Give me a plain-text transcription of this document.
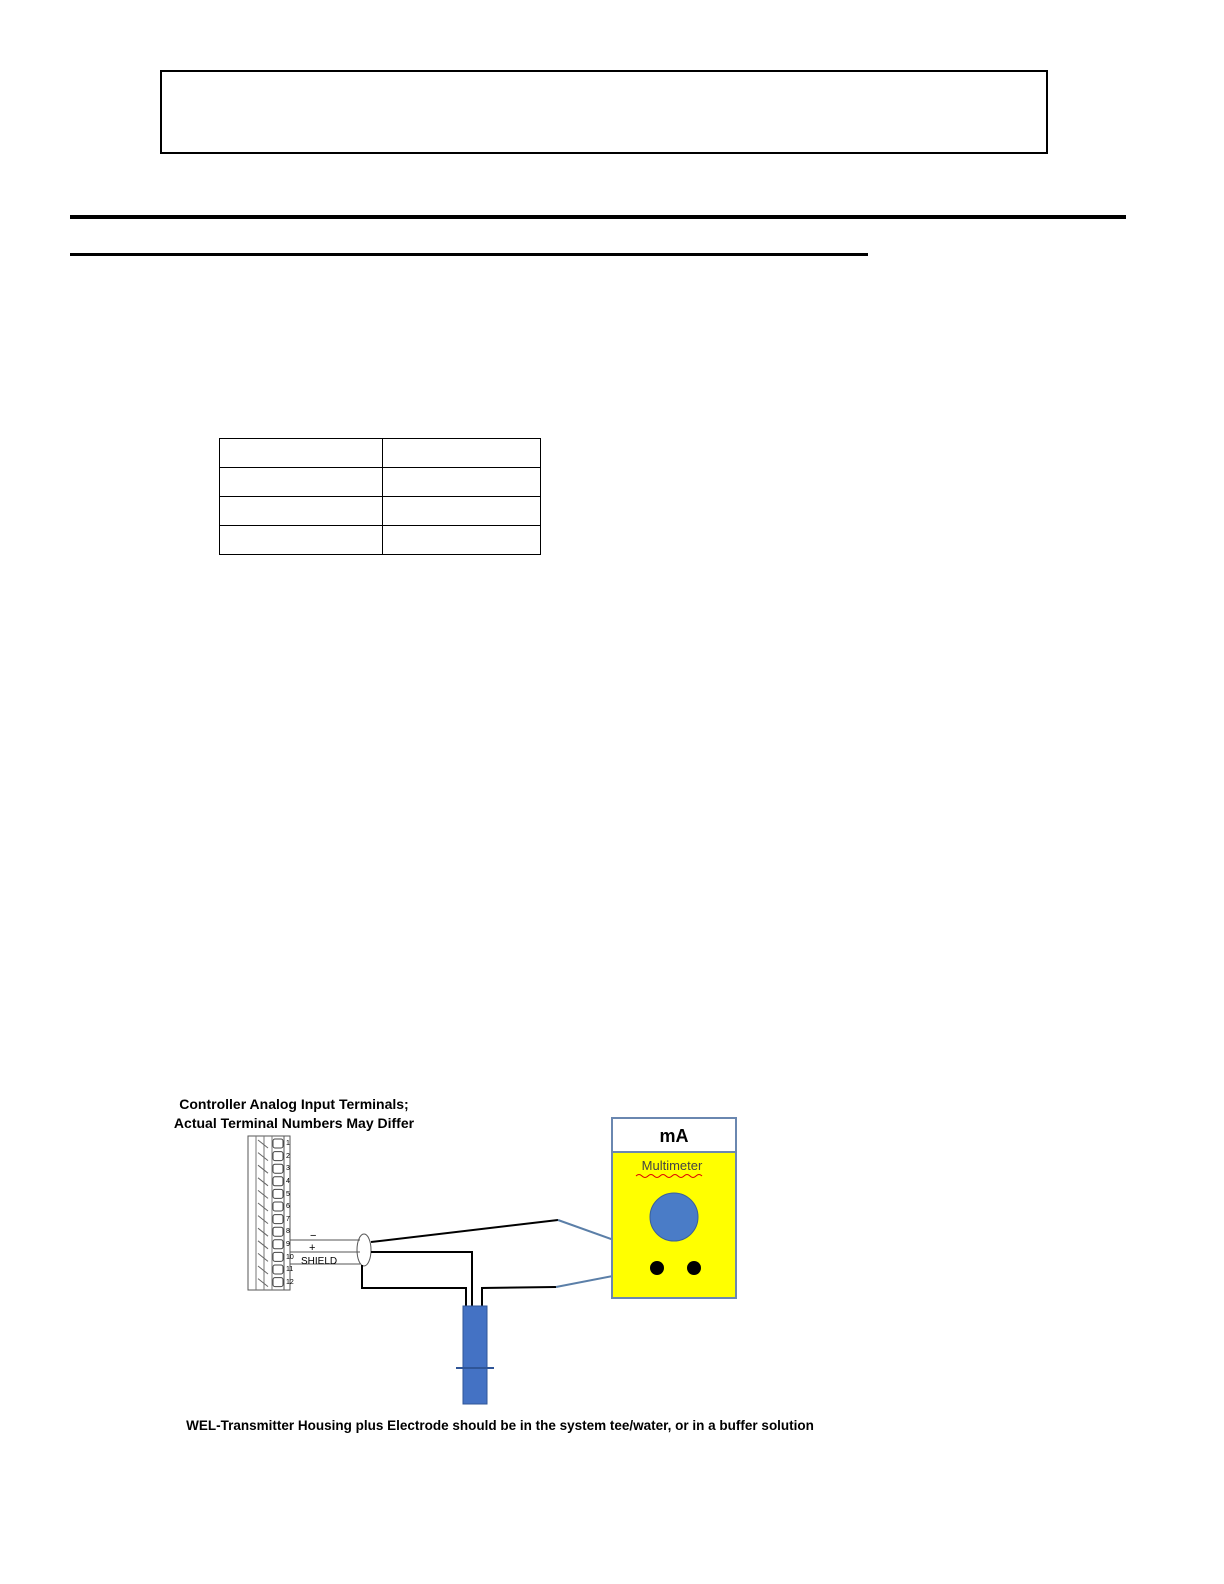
Controller Analog Input Terminals;
Actual Terminal Numbers May Differ
1
2
3
4
5
6
7
8
9
10
11
12
−
+
SHIELD
mA
Multimeter
WEL-Transmitter Housing plus Electrode should be in the system tee/water, or in a buffer solution
